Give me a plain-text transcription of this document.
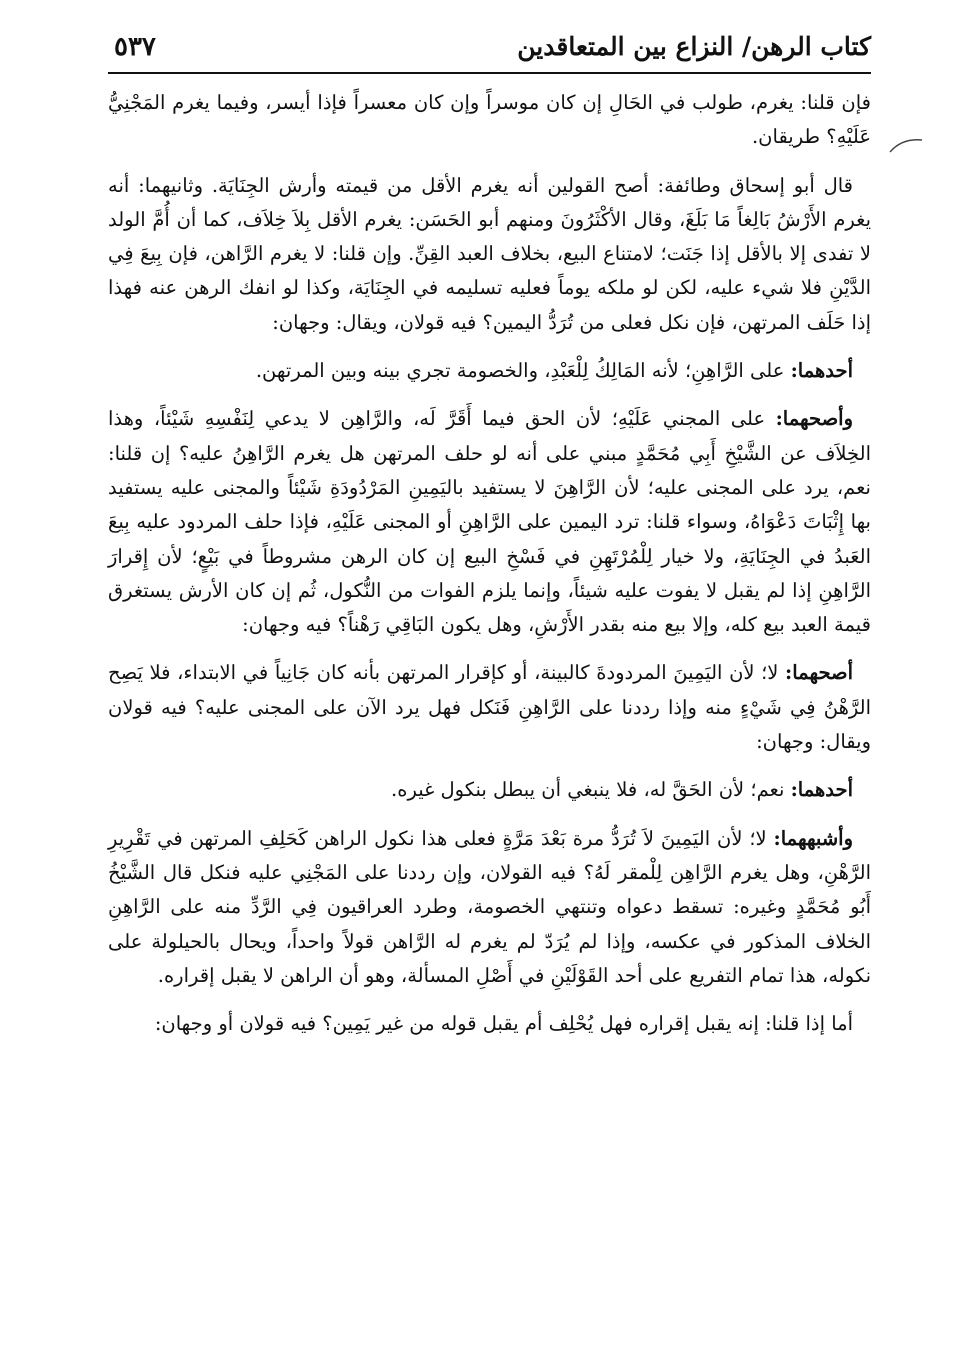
كتاب الرهن/ النزاع بين المتعاقدين
٥٣٧

فإن قلنا: يغرم، طولب في الحَالِ إن كان موسراً وإن كان معسراً فإذا أيسر، وفيما يغرم المَجْنِيُّ عَلَيْهِ؟ طريقان.

قال أبو إسحاق وطائفة: أصح القولين أنه يغرم الأقل من قيمته وأرش الجِنَايَة. وثانيهما: أنه يغرم الأَرْشُ بَالِغاً مَا بَلَغَ، وقال الأكْثَرُونَ ومنهم أبو الحَسَن: يغرم الأقل بِلاَ خِلاَف، كما أن أُمَّ الولد لا تفدى إلا بالأقل إذا جَنَت؛ لامتناع البيع، بخلاف العبد القِنِّ. وإن قلنا: لا يغرم الرَّاهن، فإن بِيعَ فِي الدَّيْنِ فلا شيء عليه، لكن لو ملكه يوماً فعليه تسليمه في الجِنَايَة، وكذا لو انفك الرهن عنه فهذا إذا حَلَف المرتهن، فإن نكل فعلى من تُرَدُّ اليمين؟ فيه قولان، ويقال: وجهان:

أحدهما: على الرَّاهِنِ؛ لأنه المَالِكُ لِلْعَبْدِ، والخصومة تجري بينه وبين المرتهن.

وأصحهما: على المجني عَلَيْهِ؛ لأن الحق فيما أَقَرَّ لَه، والرَّاهِن لا يدعي لِنَفْسِهِ شَيْئاً، وهذا الخِلاَف عن الشَّيْخِ أَبِي مُحَمَّدٍ مبني على أنه لو حلف المرتهن هل يغرم الرَّاهِنُ عليه؟ إن قلنا: نعم، يرد على المجنى عليه؛ لأن الرَّاهِنَ لا يستفيد باليَمِينِ المَرْدُودَةِ شَيْئاً والمجنى عليه يستفيد بها إِثْبَاتَ دَعْوَاهُ، وسواء قلنا: ترد اليمين على الرَّاهِنِ أو المجنى عَلَيْهِ، فإذا حلف المردود عليه بِيعَ العَبدُ في الجِنَايَةِ، ولا خيار لِلْمُرْتَهِنِ في فَسْخِ البيع إن كان الرهن مشروطاً في بَيْعٍ؛ لأن إِقرارَ الرَّاهِنِ إذا لم يقبل لا يفوت عليه شيئاً، وإنما يلزم الفوات من النُّكول، ثُم إن كان الأرش يستغرق قيمة العبد بيع كله، وإلا بيع منه بقدر الأَرْشِ، وهل يكون البَاقِي رَهْناً؟ فيه وجهان:

أصحهما: لا؛ لأن اليَمِينَ المردودةَ كالبينة، أو كإقرار المرتهن بأنه كان جَانِياً في الابتداء، فلا يَصِح الرَّهْنُ فِي شَيْءٍ منه وإذا رددنا على الرَّاهِنِ فَنَكل فهل يرد الآن على المجنى عليه؟ فيه قولان ويقال: وجهان:

أحدهما: نعم؛ لأن الحَقَّ له، فلا ينبغي أن يبطل بنكول غيره.

وأشبههما: لا؛ لأن اليَمِينَ لاَ تُرَدُّ مرة بَعْدَ مَرَّةٍ فعلى هذا نكول الراهن كَحَلِفِ المرتهن في تَقْرِيرِ الرَّهْنِ، وهل يغرم الرَّاهِن لِلْمقر لَهُ؟ فيه القولان، وإن رددنا على المَجْنِي عليه فنكل قال الشَّيْخُ أَبُو مُحَمَّدٍ وغيره: تسقط دعواه وتنتهي الخصومة، وطرد العراقيون فِي الرَّدِّ منه على الرَّاهِنِ الخلاف المذكور في عكسه، وإذا لم يُرَدّ لم يغرم له الرَّاهن قولاً واحداً، ويحال بالحيلولة على نكوله، هذا تمام التفريع على أحد القَوْلَيْنِ في أَصْلِ المسألة، وهو أن الراهن لا يقبل إقراره.

أما إذا قلنا: إنه يقبل إقراره فهل يُحْلِف أم يقبل قوله من غير يَمِين؟ فيه قولان أو وجهان:
